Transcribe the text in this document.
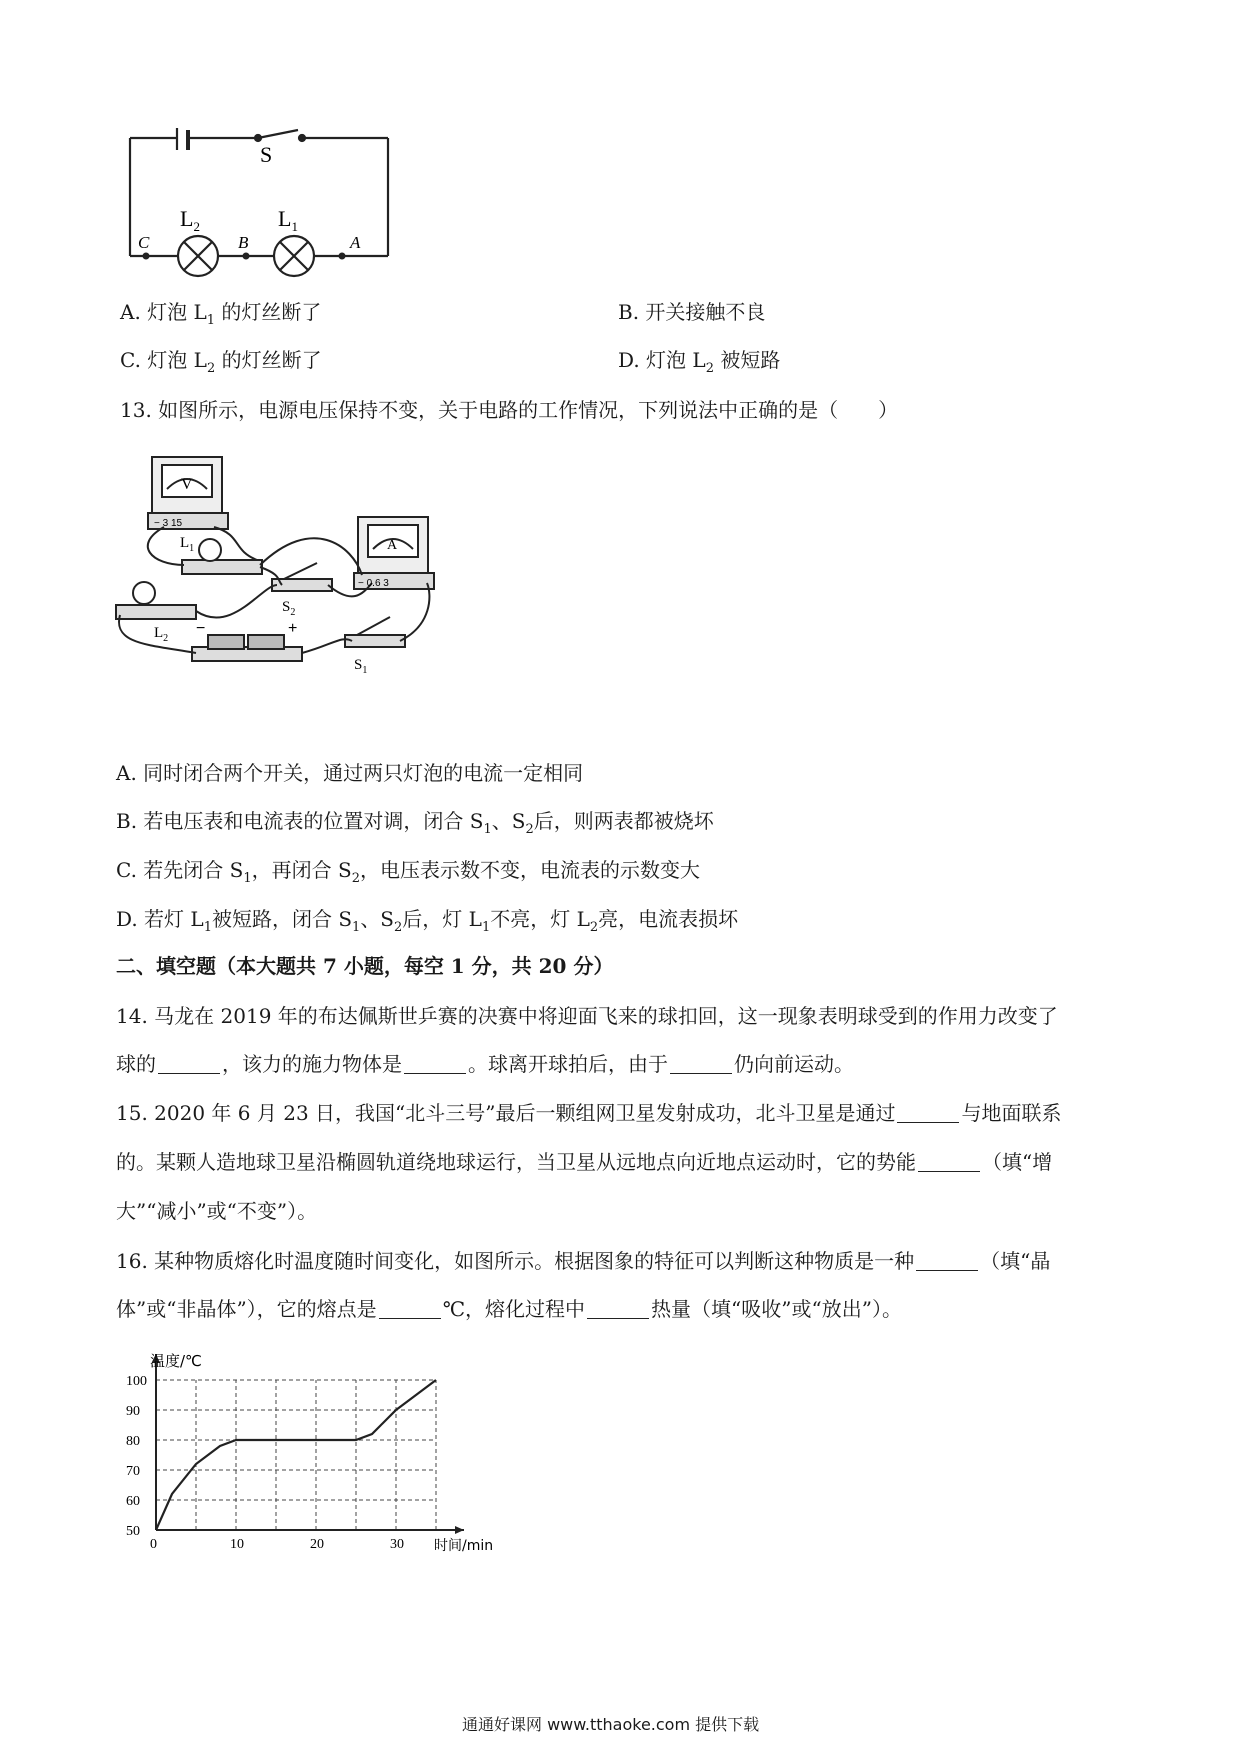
S
$L_2$	$L_1$
C	B	A
A. 灯泡 $L_1$ 的灯丝断了	B. 开关接触不良
C. 灯泡 $L_2$ 的灯丝断了	D. 灯泡 $L_2$ 被短路
13. 如图所示，电源电压保持不变，关于电路的工作情况，下列说法中正确的是（　　）
V
A
− 3 15
− 0.6 3
$L_1$
$L_2$
$S_2$
$S_1$
−	+
A. 同时闭合两个开关，通过两只灯泡的电流一定相同
B. 若电压表和电流表的位置对调，闭合 $S_1$、$S_2$后，则两表都被烧坏
C. 若先闭合 $S_1$，再闭合 $S_2$，电压表示数不变，电流表的示数变大
D. 若灯 $L_1$被短路，闭合 $S_1$、$S_2$后，灯 $L_1$不亮，灯 $L_2$亮，电流表损坏
二、填空题（本大题共 7 小题，每空 1 分，共 20 分）
14. 马龙在 2019 年的布达佩斯世乒赛的决赛中将迎面飞来的球扣回，这一现象表明球受到的作用力改变了
球的	，该力的施力物体是	。球离开球拍后，由于	仍向前运动。
15. 2020 年 6 月 23 日，我国“北斗三号”最后一颗组网卫星发射成功，北斗卫星是通过	与地面联系
的。某颗人造地球卫星沿椭圆轨道绕地球运行，当卫星从远地点向近地点运动时，它的势能	（填“增
大”“减小”或“不变”）。
16. 某种物质熔化时温度随时间变化，如图所示。根据图象的特征可以判断这种物质是一种	（填“晶
体”或“非晶体”），它的熔点是	℃，熔化过程中	热量（填“吸收”或“放出”）。
0	10	20	30
50
60
70
80
90
100
温度/℃
时间/min
通通好课网 www.tthaoke.com 提供下载
